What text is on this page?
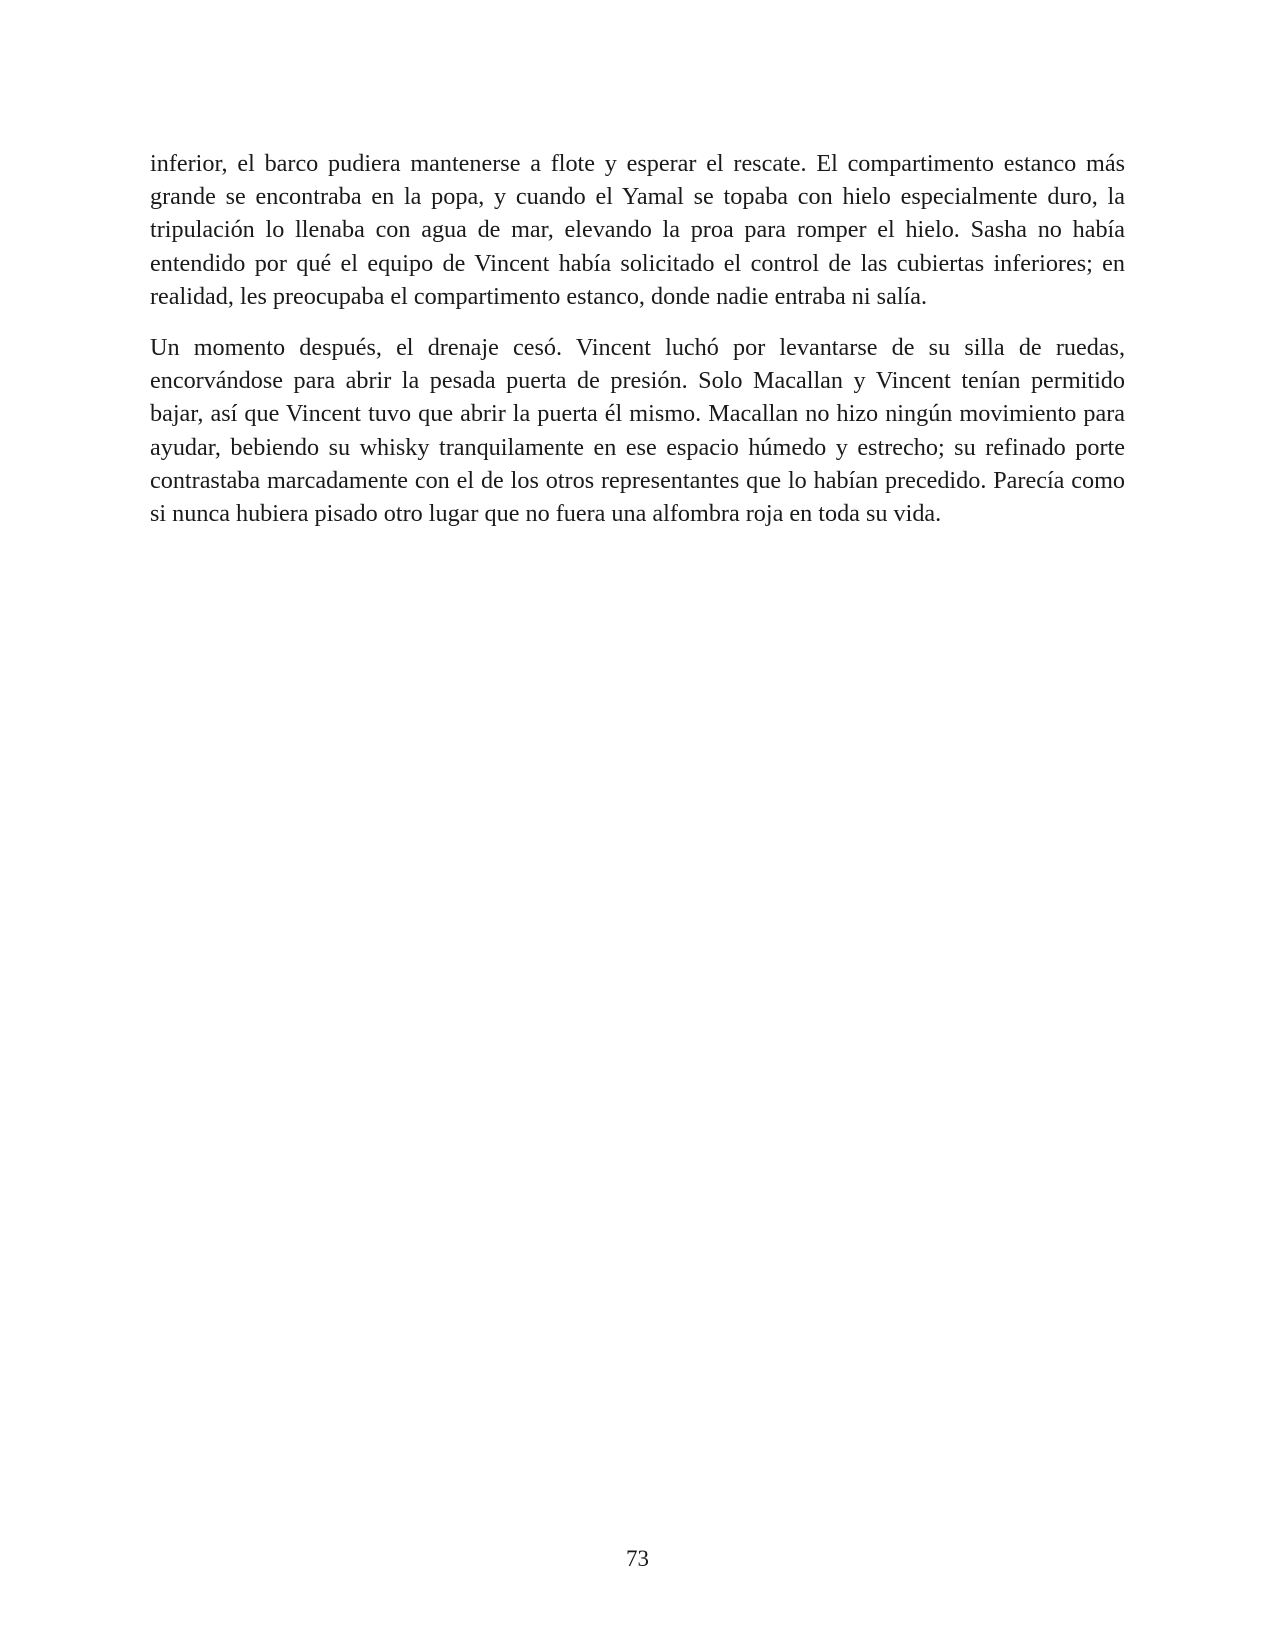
inferior, el barco pudiera mantenerse a flote y esperar el rescate. El compartimento estanco más grande se encontraba en la popa, y cuando el Yamal se topaba con hielo especialmente duro, la tripulación lo llenaba con agua de mar, elevando la proa para romper el hielo. Sasha no había entendido por qué el equipo de Vincent había solicitado el control de las cubiertas inferiores; en realidad, les preocupaba el compartimento estanco, donde nadie entraba ni salía.

Un momento después, el drenaje cesó. Vincent luchó por levantarse de su silla de ruedas, encorvándose para abrir la pesada puerta de presión. Solo Macallan y Vincent tenían permitido bajar, así que Vincent tuvo que abrir la puerta él mismo. Macallan no hizo ningún movimiento para ayudar, bebiendo su whisky tranquilamente en ese espacio húmedo y estrecho; su refinado porte contrastaba marcadamente con el de los otros representantes que lo habían precedido. Parecía como si nunca hubiera pisado otro lugar que no fuera una alfombra roja en toda su vida.

73
